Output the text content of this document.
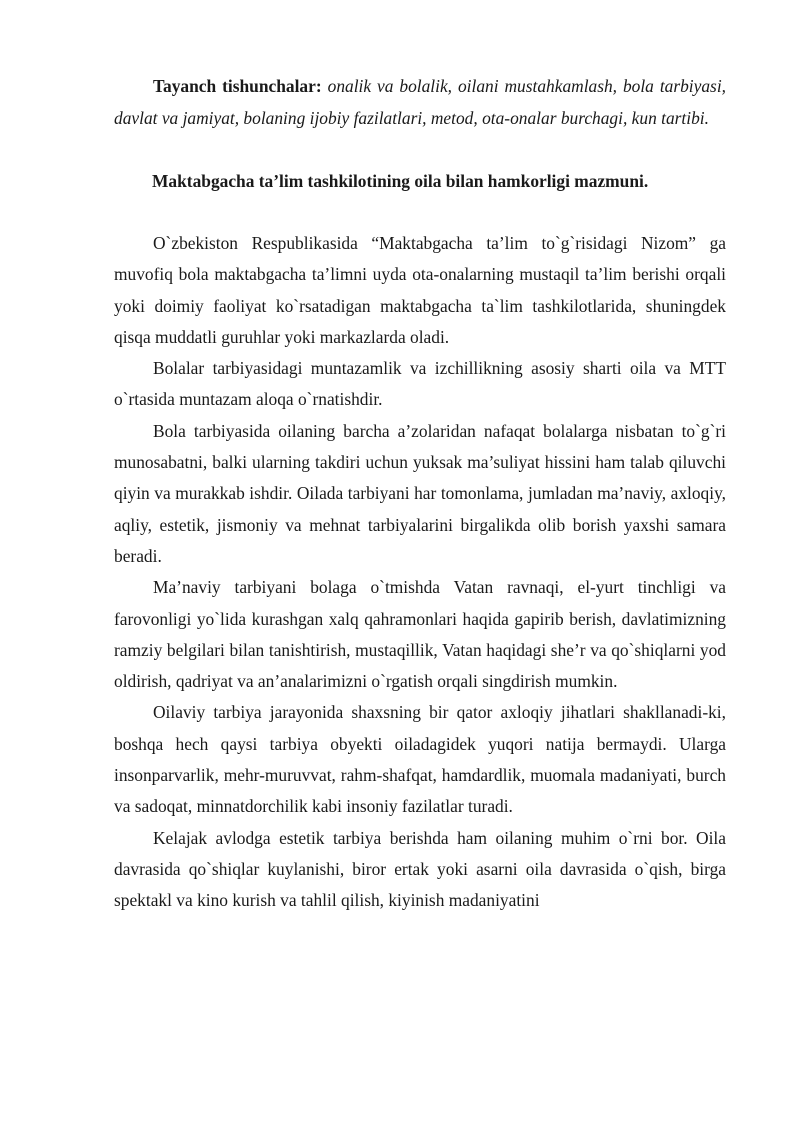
Tayanch tishunchalar: onalik va bolalik, oilani mustahkamlash, bola tarbiyasi, davlat va jamiyat, bolaning ijobiy fazilatlari, metod, ota-onalar burchagi, kun tartibi.

Maktabgacha ta’lim tashkilotining oila bilan hamkorligi mazmuni.

O`zbekiston Respublikasida “Maktabgacha ta’lim to`g`risidagi Nizom” ga muvofiq bola maktabgacha ta’limni uyda ota-onalarning mustaqil ta’lim berishi orqali yoki doimiy faoliyat ko`rsatadigan maktabgacha ta`lim tashkilotlarida, shuningdek qisqa muddatli guruhlar yoki markazlarda oladi.

Bolalar tarbiyasidagi muntazamlik va izchillikning asosiy sharti oila va MTT o`rtasida muntazam aloqa o`rnatishdir.

Bola tarbiyasida oilaning barcha a’zolaridan nafaqat bolalarga nisbatan to`g`ri munosabatni, balki ularning takdiri uchun yuksak ma’suliyat hissini ham talab qiluvchi qiyin va murakkab ishdir. Oilada tarbiyani har tomonlama, jumladan ma’naviy, axloqiy, aqliy, estetik, jismoniy va mehnat tarbiyalarini birgalikda olib borish yaxshi samara beradi.

Ma’naviy tarbiyani bolaga o`tmishda Vatan ravnaqi, el-yurt tinchligi va farovonligi yo`lida kurashgan xalq qahramonlari haqida gapirib berish, davlatimizning ramziy belgilari bilan tanishtirish, mustaqillik, Vatan haqidagi she’r va qo`shiqlarni yod oldirish, qadriyat va an’analarimizni o`rgatish orqali singdirish mumkin.

Oilaviy tarbiya jarayonida shaxsning bir qator axloqiy jihatlari shakllanadi-ki, boshqa hech qaysi tarbiya obyekti oiladagidek yuqori natija bermaydi. Ularga insonparvarlik, mehr-muruvvat, rahm-shafqat, hamdardlik, muomala madaniyati, burch va sadoqat, minnatdorchilik kabi insoniy fazilatlar turadi.

Kelajak avlodga estetik tarbiya berishda ham oilaning muhim o`rni bor. Oila davrasida qo`shiqlar kuylanishi, biror ertak yoki asarni oila davrasida o`qish, birga spektakl va kino kurish va tahlil qilish, kiyinish madaniyatini
